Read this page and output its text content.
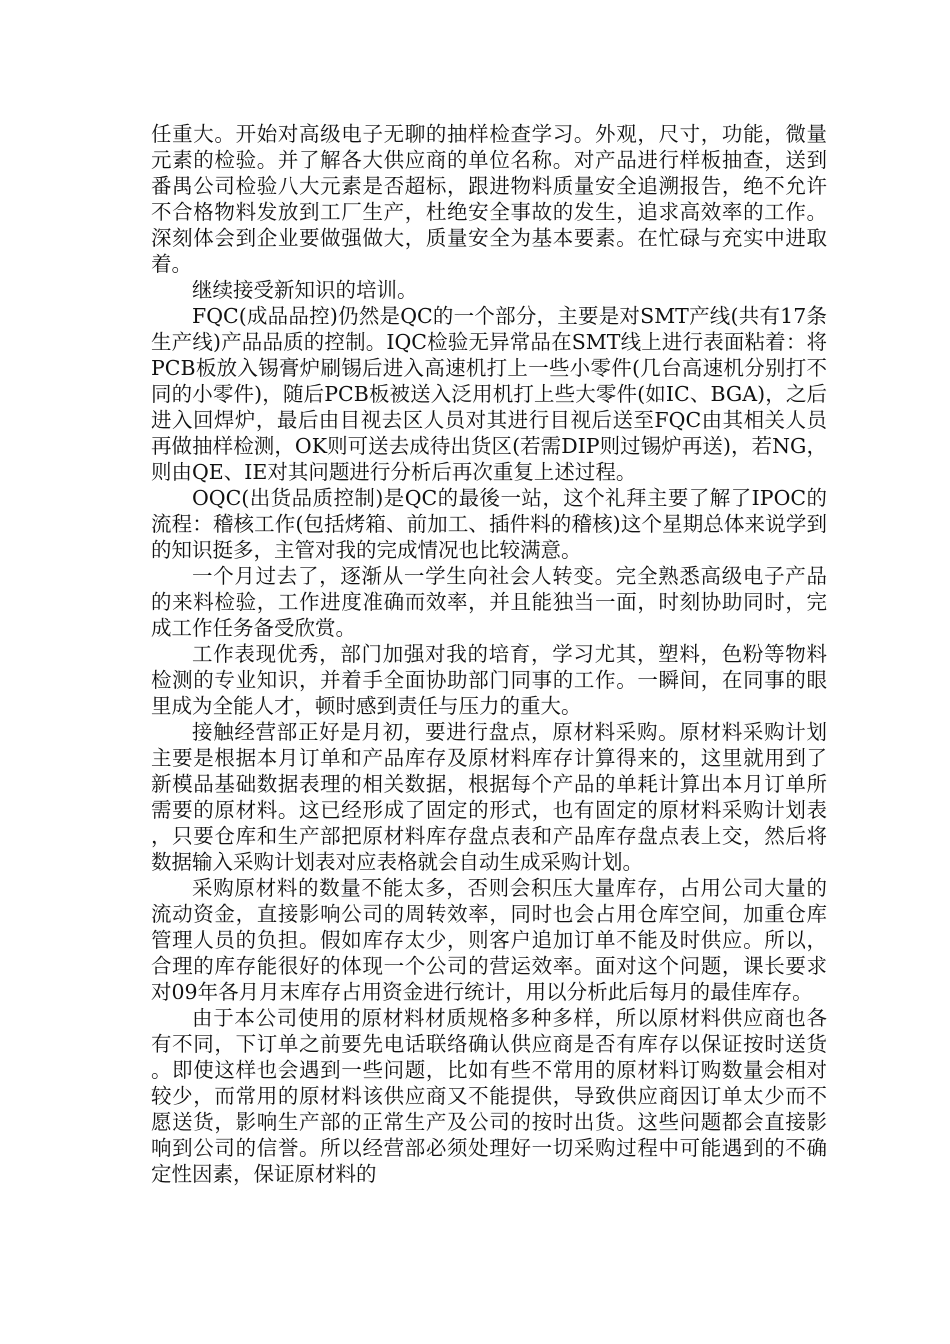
任重大。开始对高级电子无聊的抽样检查学习。外观，尺寸，功能，微量元素的检验。并了解各大供应商的单位名称。对产品进行样板抽查，送到番禺公司检验八大元素是否超标，跟进物料质量安全追溯报告，绝不允许不合格物料发放到工厂生产，杜绝安全事故的发生，追求高效率的工作。深刻体会到企业要做强做大，质量安全为基本要素。在忙碌与充实中进取着。

继续接受新知识的培训。

FQC(成品品控)仍然是QC的一个部分，主要是对SMT产线(共有17条生产线)产品品质的控制。IQC检验无异常品在SMT线上进行表面粘着：将PCB板放入锡膏炉刷锡后进入高速机打上一些小零件(几台高速机分别打不同的小零件)，随后PCB板被送入泛用机打上些大零件(如IC、BGA)，之后进入回焊炉，最后由目视去区人员对其进行目视后送至FQC由其相关人员再做抽样检测，OK则可送去成待出货区(若需DIP则过锡炉再送)，若NG，则由QE、IE对其问题进行分析后再次重复上述过程。

OQC(出货品质控制)是QC的最後一站，这个礼拜主要了解了IPOC的流程：稽核工作(包括烤箱、前加工、插件料的稽核)这个星期总体来说学到的知识挺多，主管对我的完成情况也比较满意。

一个月过去了，逐渐从一学生向社会人转变。完全熟悉高级电子产品的来料检验，工作进度准确而效率，并且能独当一面，时刻协助同时，完成工作任务备受欣赏。

工作表现优秀，部门加强对我的培育，学习尤其，塑料，色粉等物料检测的专业知识，并着手全面协助部门同事的工作。一瞬间，在同事的眼里成为全能人才，顿时感到责任与压力的重大。

接触经营部正好是月初，要进行盘点，原材料采购。原材料采购计划主要是根据本月订单和产品库存及原材料库存计算得来的，这里就用到了新模品基础数据表理的相关数据，根据每个产品的单耗计算出本月订单所需要的原材料。这已经形成了固定的形式，也有固定的原材料采购计划表，只要仓库和生产部把原材料库存盘点表和产品库存盘点表上交，然后将数据输入采购计划表对应表格就会自动生成采购计划。

采购原材料的数量不能太多，否则会积压大量库存，占用公司大量的流动资金，直接影响公司的周转效率，同时也会占用仓库空间，加重仓库管理人员的负担。假如库存太少，则客户追加订单不能及时供应。所以，合理的库存能很好的体现一个公司的营运效率。面对这个问题，课长要求对09年各月月末库存占用资金进行统计，用以分析此后每月的最佳库存。

由于本公司使用的原材料材质规格多种多样，所以原材料供应商也各有不同，下订单之前要先电话联络确认供应商是否有库存以保证按时送货。即使这样也会遇到一些问题，比如有些不常用的原材料订购数量会相对较少，而常用的原材料该供应商又不能提供，导致供应商因订单太少而不愿送货，影响生产部的正常生产及公司的按时出货。这些问题都会直接影响到公司的信誉。所以经营部必须处理好一切采购过程中可能遇到的不确定性因素，保证原材料的
